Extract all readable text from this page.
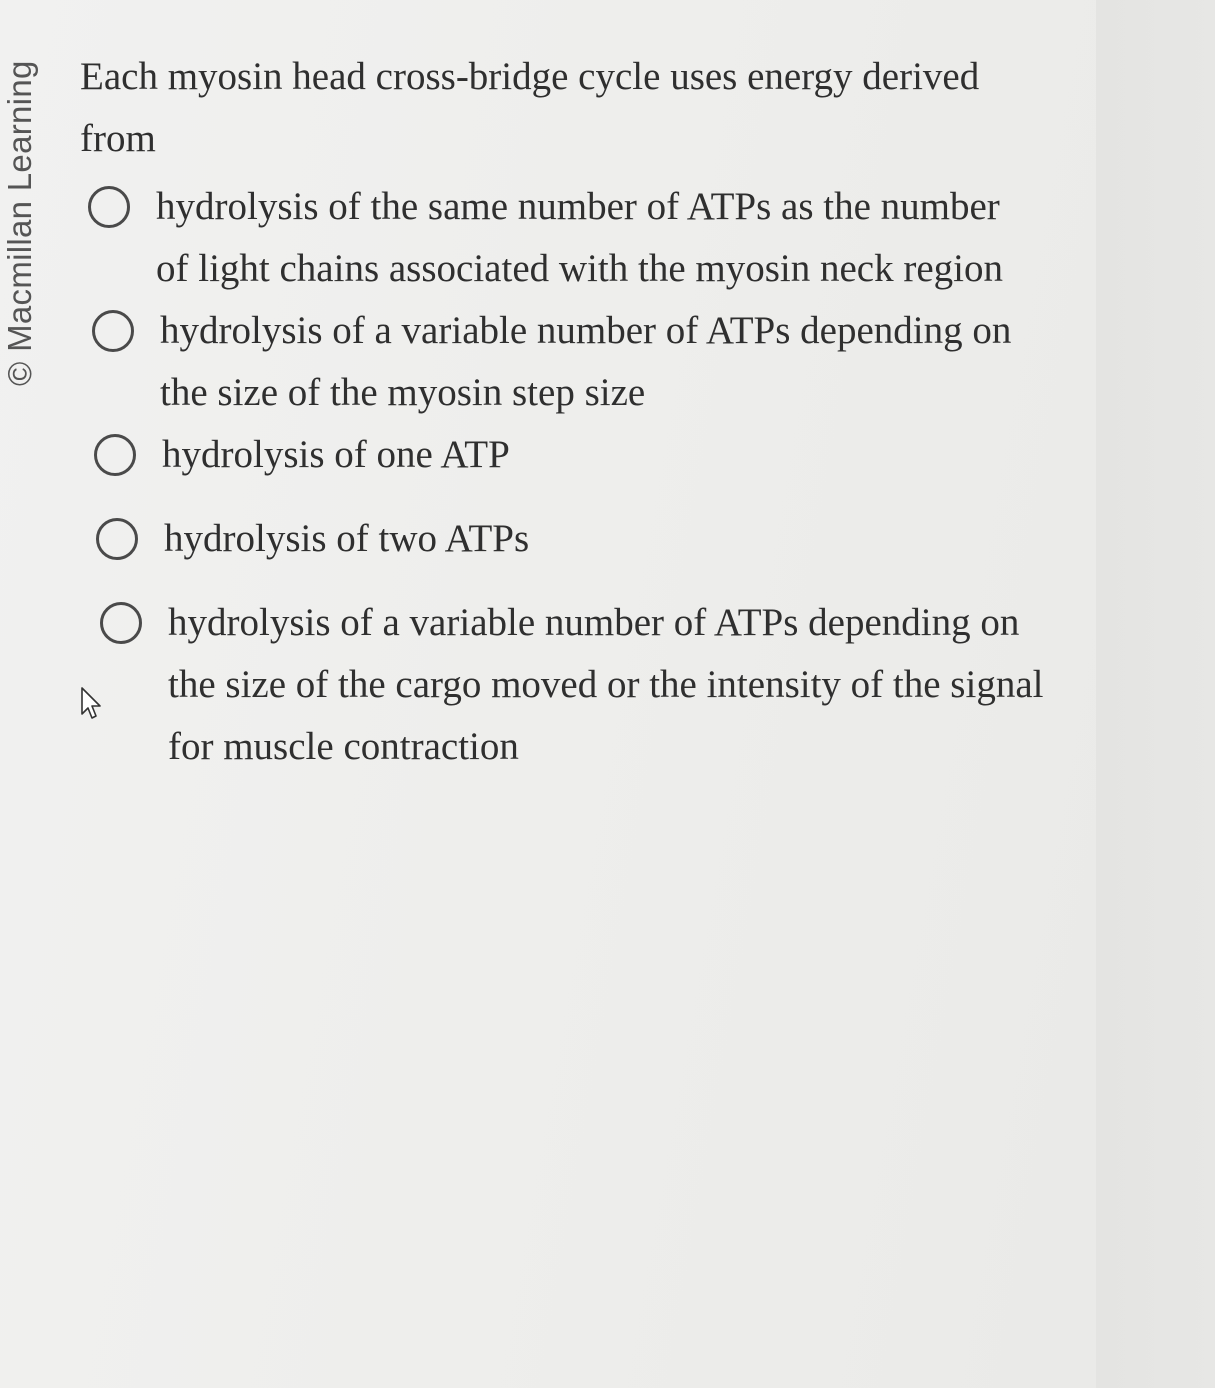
© Macmillan Learning Each myosin head cross-bridge cycle uses energy derived from

hydrolysis of the same number of ATPs as the number of light chains associated with the myosin neck region
hydrolysis of a variable number of ATPs depending on the size of the myosin step size
hydrolysis of one ATP
hydrolysis of two ATPs
hydrolysis of a variable number of ATPs depending on the size of the cargo moved or the intensity of the signal for muscle contraction
